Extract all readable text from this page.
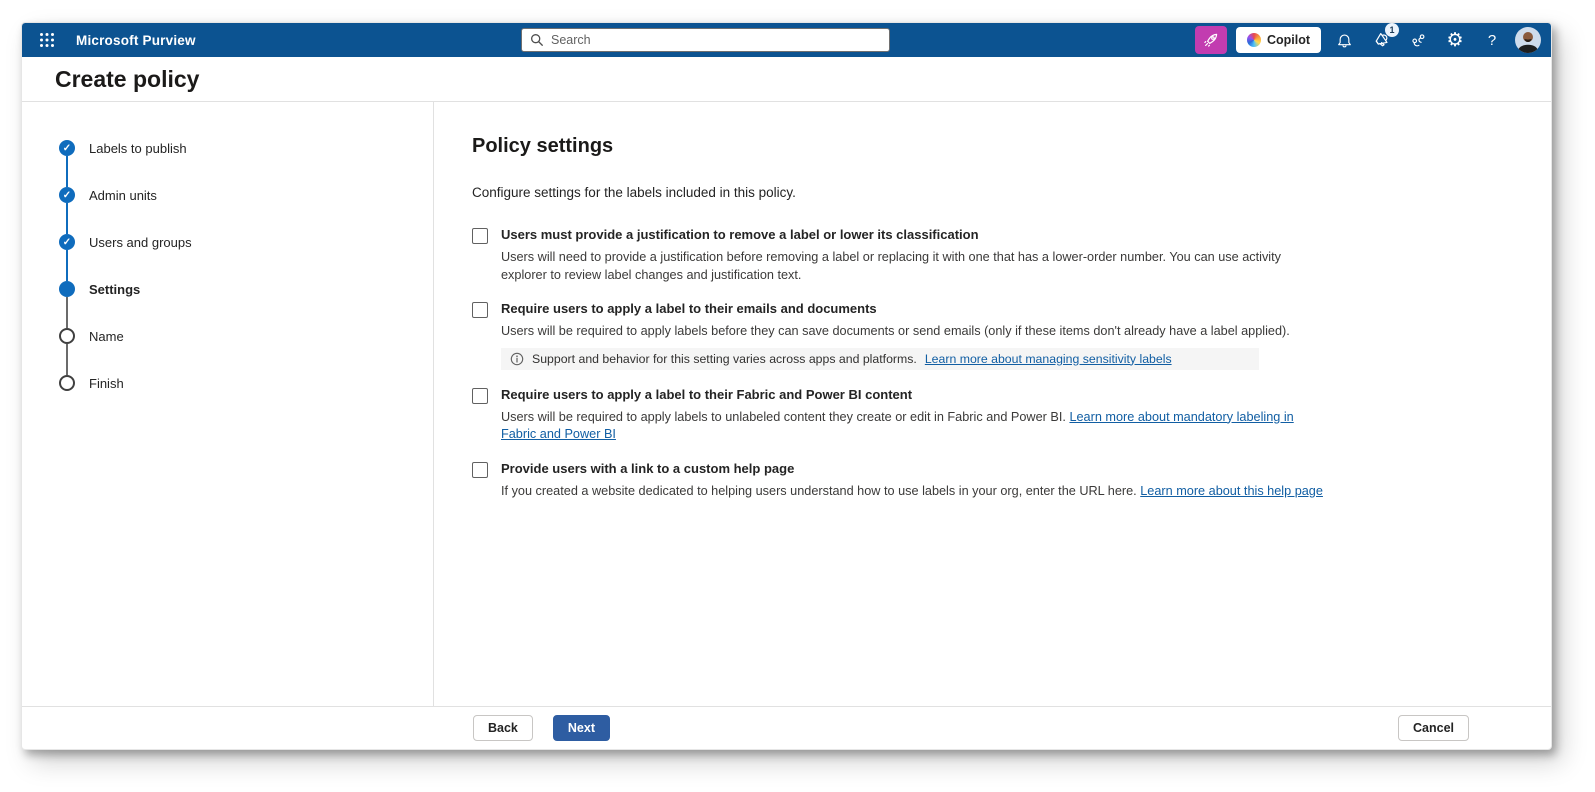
Microsoft Purview
Search	Copilot
1	⚙ ?
Create policy
✓ Labels to publish
✓ Admin units
✓ Users and groups
Settings
Name
Finish
Policy settings
Configure settings for the labels included in this policy.
Users must provide a justification to remove a label or lower its classification
Users will need to provide a justification before removing a label or replacing it with one that has a lower-order number. You can use activity explorer to review label changes and justification text.
Require users to apply a label to their emails and documents
Users will be required to apply labels before they can save documents or send emails (only if these items don't already have a label applied).
Support and behavior for this setting varies across apps and platforms. Learn more about managing sensitivity labels
Require users to apply a label to their Fabric and Power BI content
Users will be required to apply labels to unlabeled content they create or edit in Fabric and Power BI. Learn more about mandatory labeling in Fabric and Power BI
Provide users with a link to a custom help page
If you created a website dedicated to helping users understand how to use labels in your org, enter the URL here. Learn more about this help page
Back	Next	Cancel
